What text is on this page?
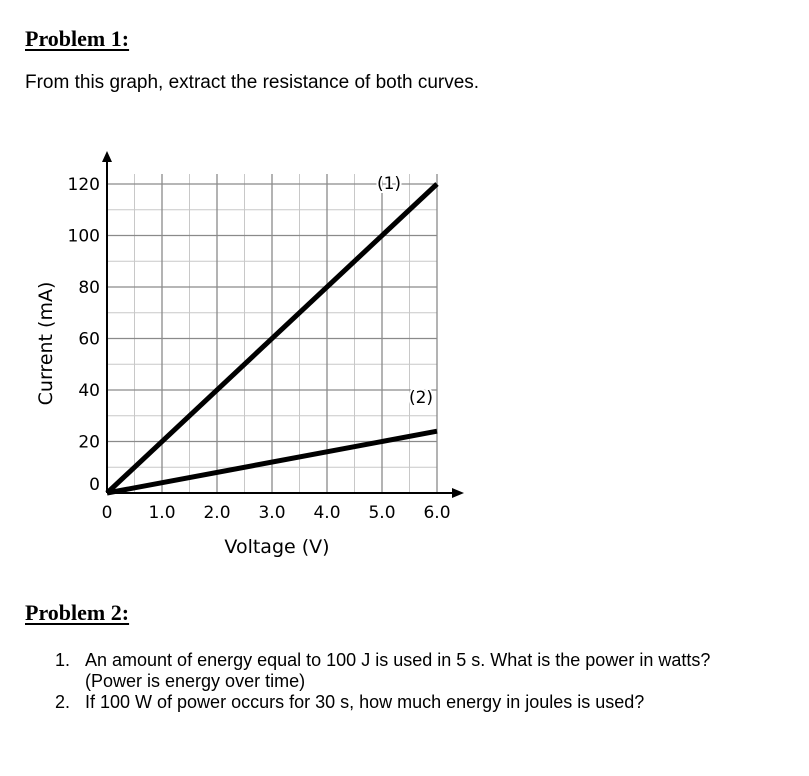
Problem 1:

From this graph, extract the resistance of both curves.

0 1.0 2.0 3.0 4.0 5.0 6.0
0
20
40
60
80
100
120	(1)
(2)
Voltage (V)
Current (mA)
Problem 2:
1. An amount of energy equal to 100 J is used in 5 s. What is the power in watts?
(Power is energy over time)
2. If 100 W of power occurs for 30 s, how much energy in joules is used?
